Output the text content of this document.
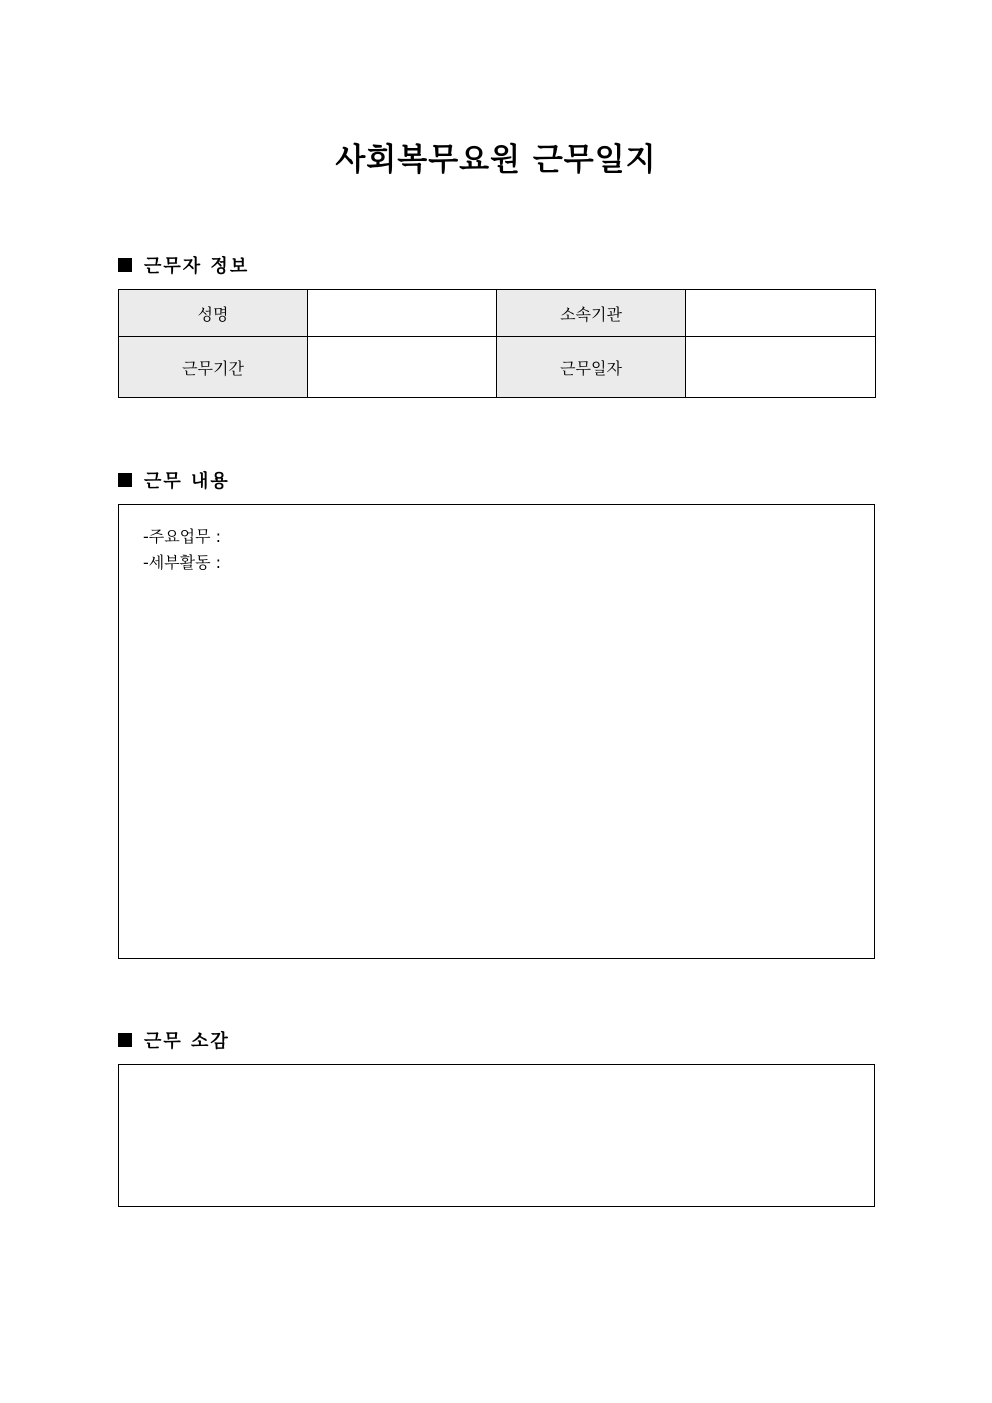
사회복무요원 근무일지
근무자 정보
성명		소속기관	
근무기간		근무일자	
근무 내용
-주요업무 :
-세부활동 :
근무 소감
